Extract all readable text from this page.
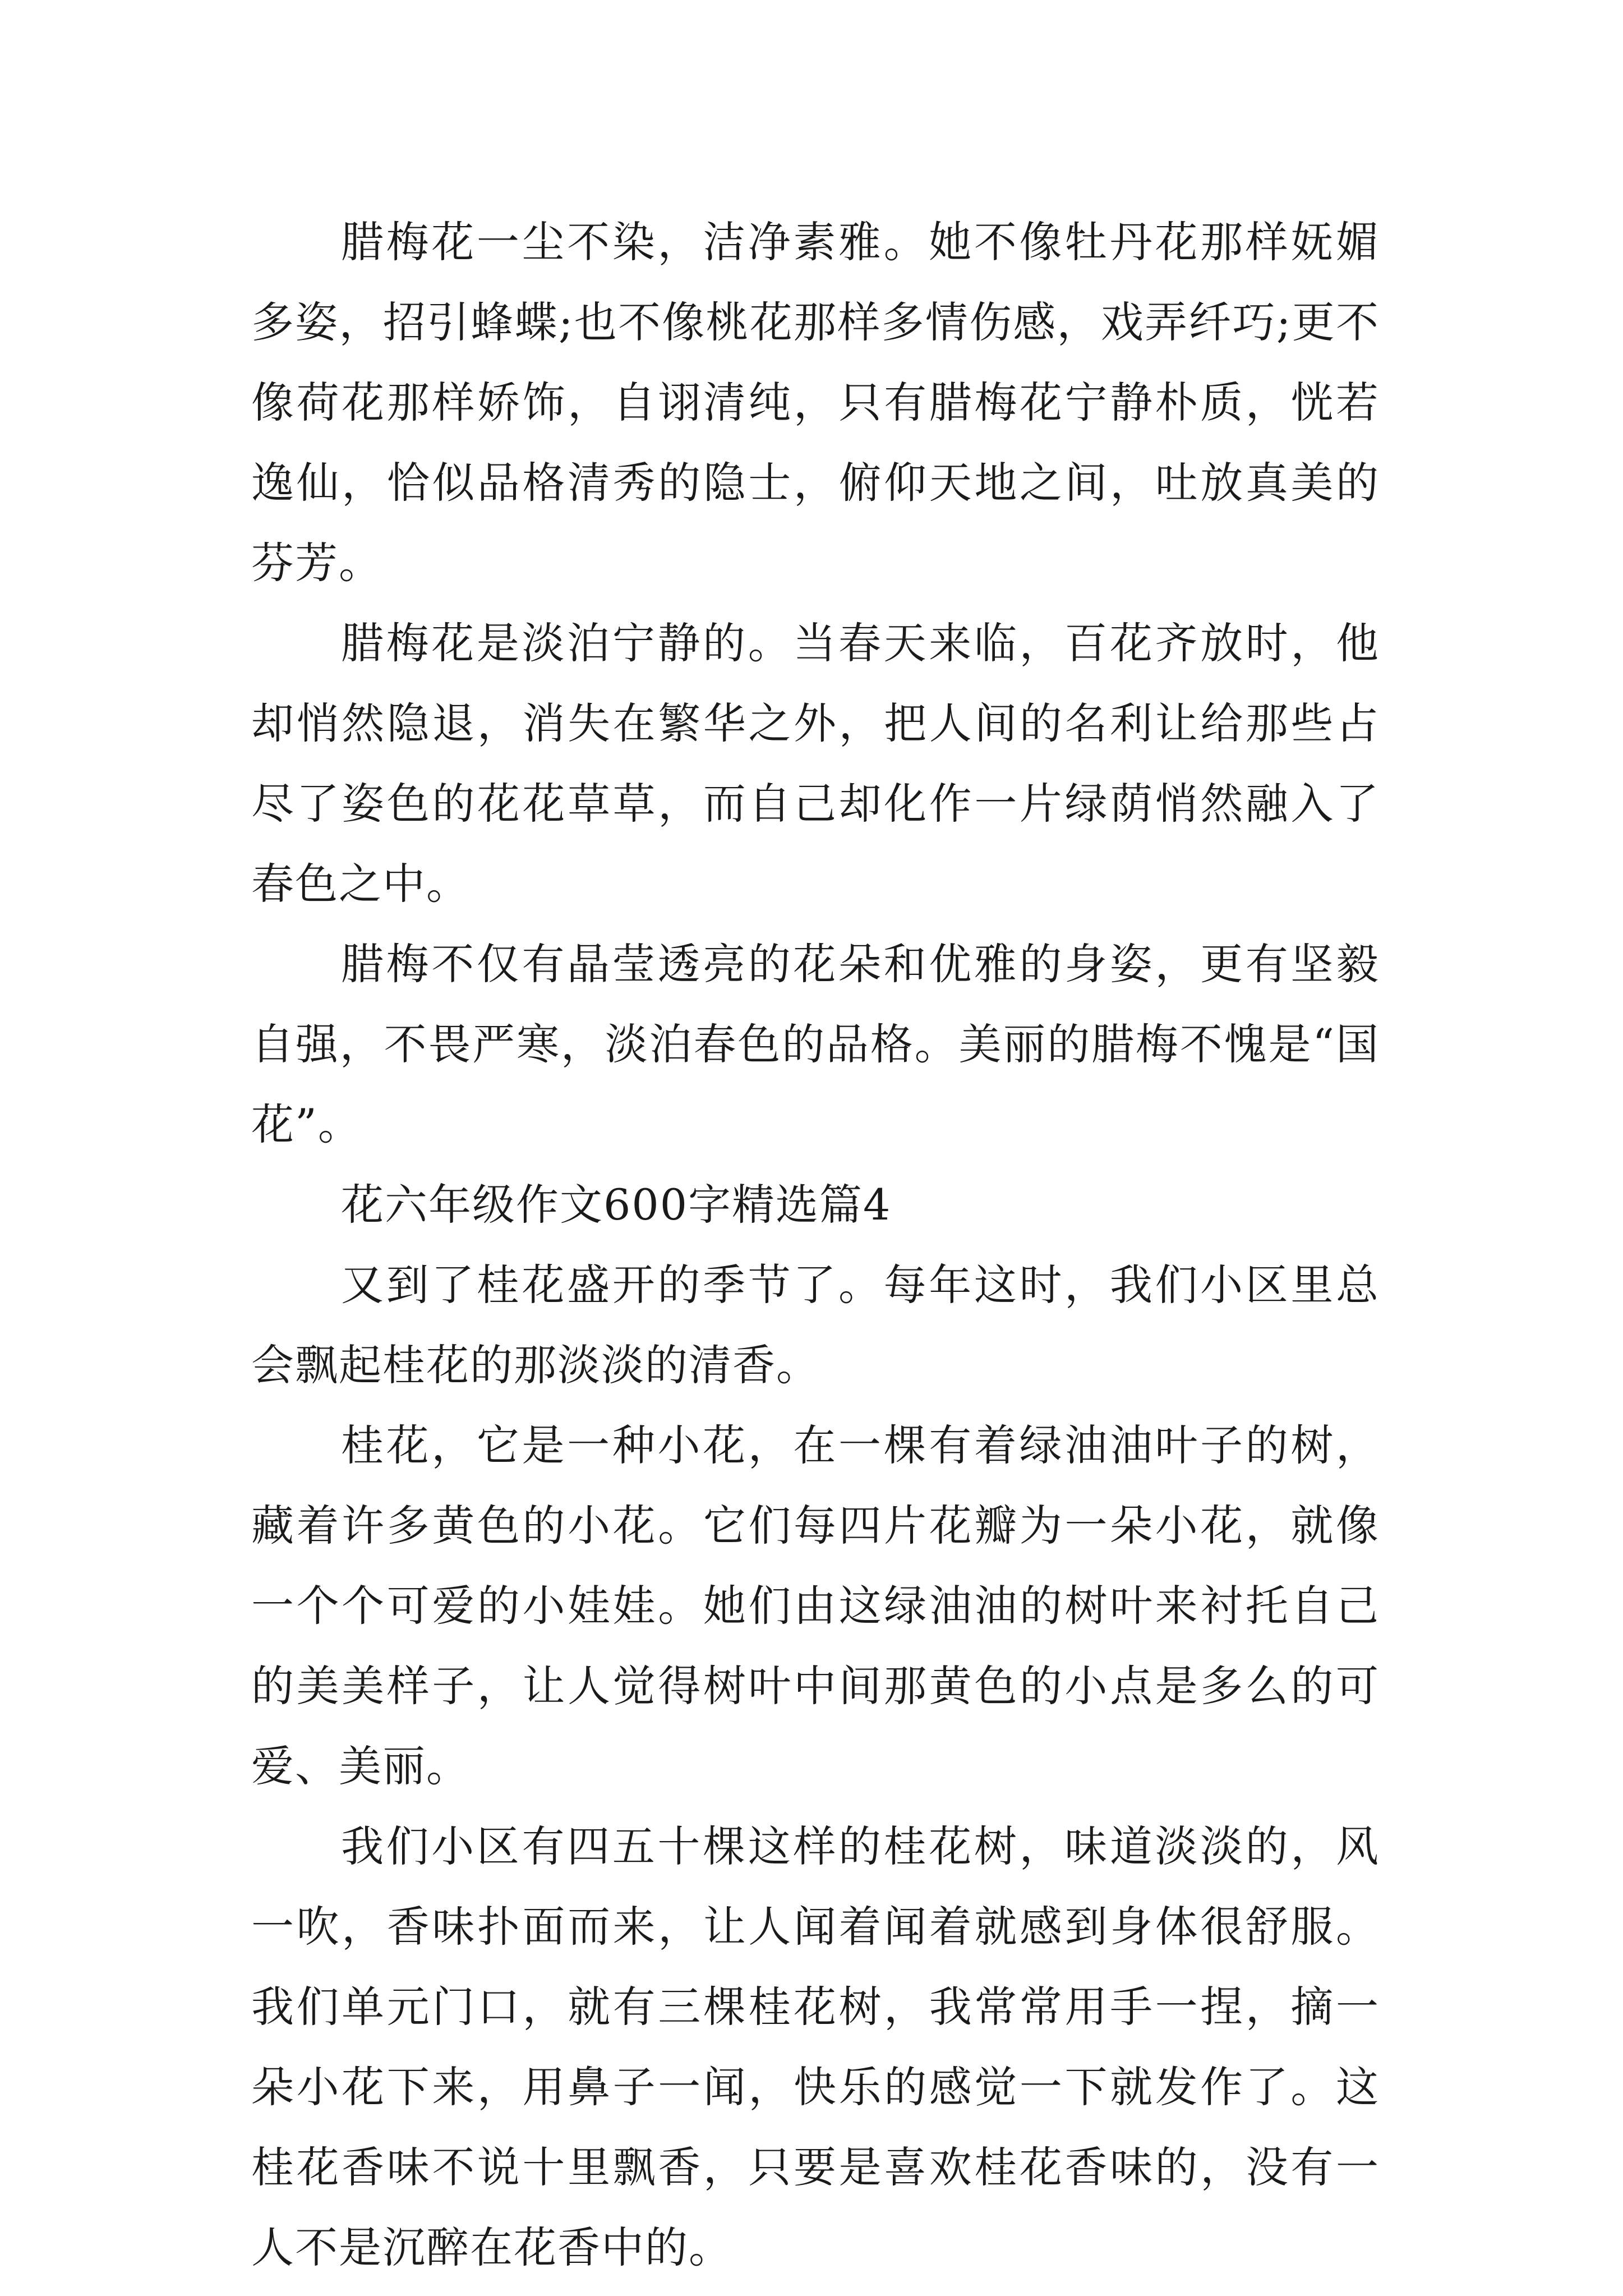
腊梅花一尘不染，洁净素雅。她不像牡丹花那样妩媚多姿，招引蜂蝶;也不像桃花那样多情伤感，戏弄纤巧;更不像荷花那样娇饰，自诩清纯，只有腊梅花宁静朴质，恍若逸仙，恰似品格清秀的隐士，俯仰天地之间，吐放真美的芬芳。

腊梅花是淡泊宁静的。当春天来临，百花齐放时，他却悄然隐退，消失在繁华之外，把人间的名利让给那些占尽了姿色的花花草草，而自己却化作一片绿荫悄然融入了春色之中。

腊梅不仅有晶莹透亮的花朵和优雅的身姿，更有坚毅自强，不畏严寒，淡泊春色的品格。美丽的腊梅不愧是“国花”。

花六年级作文600字精选篇4

又到了桂花盛开的季节了。每年这时，我们小区里总会飘起桂花的那淡淡的清香。

桂花，它是一种小花，在一棵有着绿油油叶子的树，藏着许多黄色的小花。它们每四片花瓣为一朵小花，就像一个个可爱的小娃娃。她们由这绿油油的树叶来衬托自己的美美样子，让人觉得树叶中间那黄色的小点是多么的可爱、美丽。

我们小区有四五十棵这样的桂花树，味道淡淡的，风一吹，香味扑面而来，让人闻着闻着就感到身体很舒服。我们单元门口，就有三棵桂花树，我常常用手一捏，摘一朵小花下来，用鼻子一闻，快乐的感觉一下就发作了。这桂花香味不说十里飘香，只要是喜欢桂花香味的，没有一人不是沉醉在花香中的。
